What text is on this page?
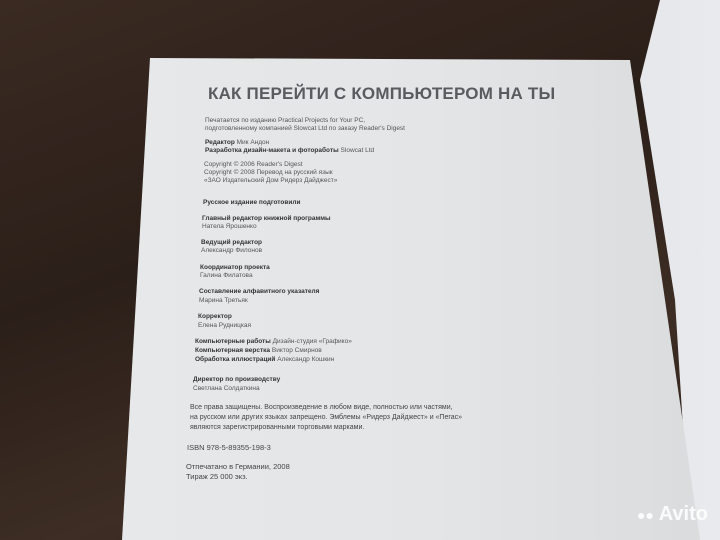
КАК ПЕРЕЙТИ С КОМПЬЮТЕРОМ НА ТЫ
Печатается по изданию Practical Projects for Your PC,
подготовленному компанией Slowcat Ltd по заказу Reader's Digest
Редактор Мик Андон
Разработка дизайн-макета и фоторабoты Slowcat Ltd
Copyright © 2006 Reader's Digest
Copyright © 2008 Перевод на русский язык
«ЗАО Издательский Дом Ридерз Дайджест»
Русское издание подготовили
Главный редактор книжной программы
Натела Ярошенко
Ведущий редактор
Александр Филонов
Координатор проекта
Галина Филатова
Составление алфавитного указателя
Марина Третьяк
Корректор
Елена Рудницкая
Компьютерные работы Дизайн-студия «Графико»
Компьютерная верстка Виктор Смирнов
Обработка иллюстраций Александр Кошкин
Директор по производству
Светлана Солдаткина
Все права защищены. Воспроизведение в любом виде, полностью или частями,
на русском или других языках запрещено. Эмблемы «Ридерз Дайджест» и «Пегас»
являются зарегистрированными торговыми марками.
ISBN 978-5-89355-198-3
Отпечатано в Германии, 2008
Тираж 25 000 экз.
●● Avito
